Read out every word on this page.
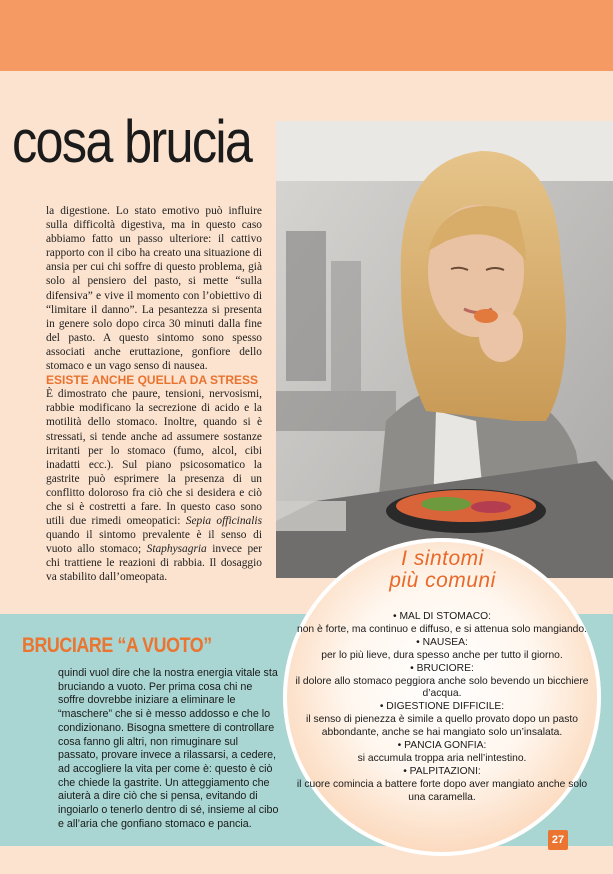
cosa brucia

la digestione. Lo stato emotivo può influire sulla difficoltà digestiva, ma in questo caso abbiamo fatto un passo ulteriore: il cattivo rapporto con il cibo ha creato una situazione di ansia per cui chi soffre di questo problema, già solo al pensiero del pasto, si mette “sulla difensiva” e vive il momento con l’obiettivo di “limitare il danno”. La pesantezza si presenta in genere solo dopo circa 30 minuti dalla fine del pasto. A questo sintomo sono spesso associati anche eruttazione, gonfiore dello stomaco e un vago senso di nausea.

ESISTE ANCHE QUELLA DA STRESS

È dimostrato che paure, tensioni, nervosismi, rabbie modificano la secrezione di acido e la motilità dello stomaco. Inoltre, quando si è stressati, si tende anche ad assumere sostanze irritanti per lo stomaco (fumo, alcol, cibi inadatti ecc.). Sul piano psicosomatico la gastrite può esprimere la presenza di un conflitto doloroso fra ciò che si desidera e ciò che si è costretti a fare. In questo caso sono utili due rimedi omeopatici: Sepia officinalis quando il sintomo prevalente è il senso di vuoto allo stomaco; Staphysagria invece per chi trattiene le reazioni di rabbia. Il dosaggio va stabilito dall’omeopata.

BRUCIARE “A VUOTO”

quindi vuol dire che la nostra energia vitale sta bruciando a vuoto. Per prima cosa chi ne soffre dovrebbe iniziare a eliminare le “maschere” che si è messo addosso e che lo condizionano. Bisogna smettere di controllare cosa fanno gli altri, non rimuginare sul passato, provare invece a rilassarsi, a cedere, ad accogliere la vita per come è: questo è ciò che chiede la gastrite. Un atteggiamento che aiuterà a dire ciò che si pensa, evitando di ingoiarlo o tenerlo dentro di sé, insieme al cibo e all’aria che gonfiano stomaco e pancia.

I sintomi
più comuni
• MAL DI STOMACO:
non è forte, ma continuo e diffuso, e si attenua solo mangiando.
• NAUSEA:
per lo più lieve, dura spesso anche per tutto il giorno.
• BRUCIORE:
il dolore allo stomaco peggiora anche solo bevendo un bicchiere d’acqua.
• DIGESTIONE DIFFICILE:
il senso di pienezza è simile a quello provato dopo un pasto abbondante, anche se hai mangiato solo un’insalata.
• PANCIA GONFIA:
si accumula troppa aria nell’intestino.
• PALPITAZIONI:
il cuore comincia a battere forte dopo aver mangiato anche solo una caramella.
27
